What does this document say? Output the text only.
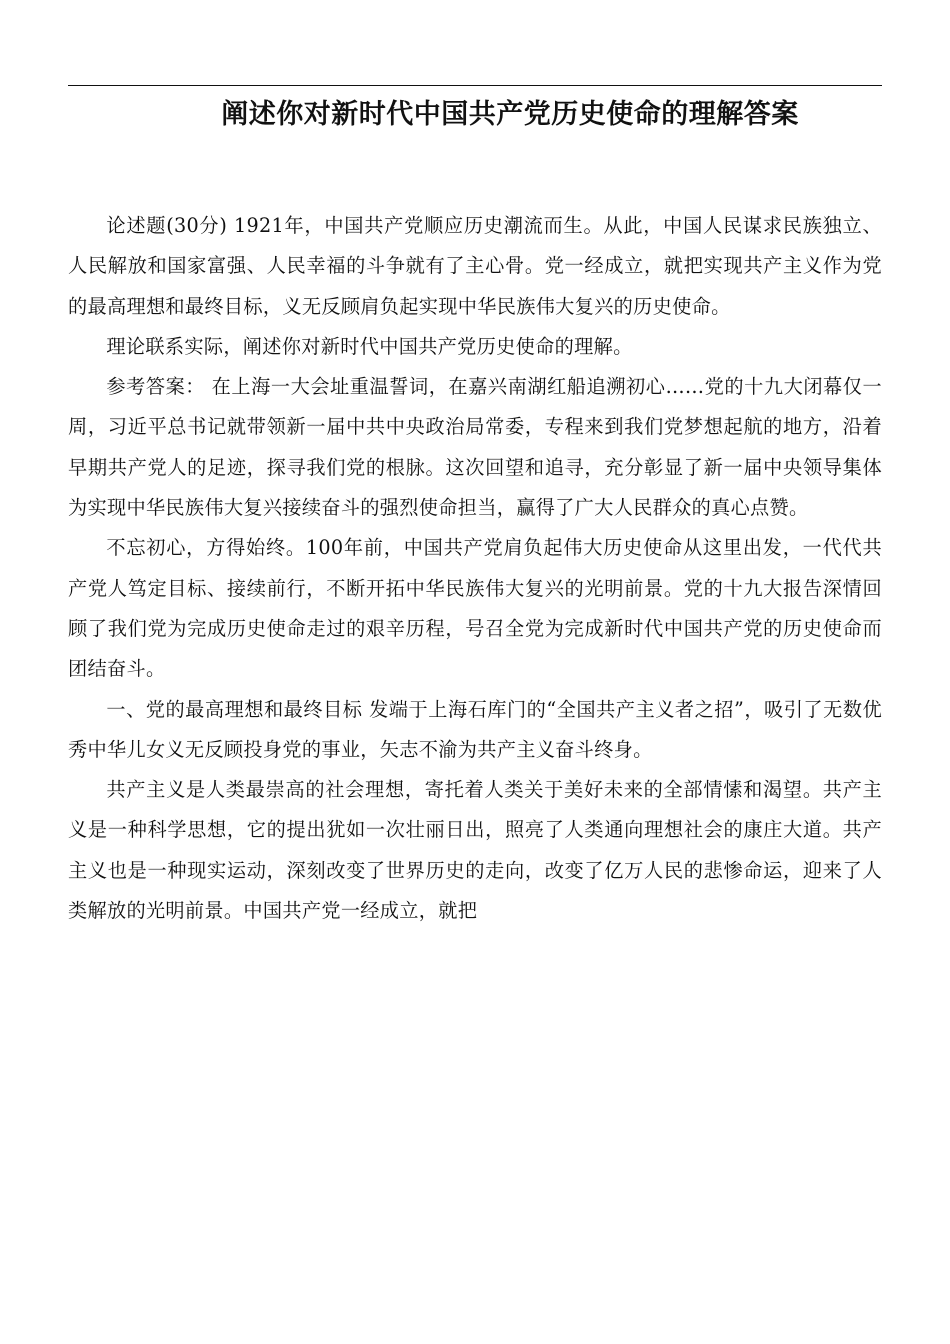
阐述你对新时代中国共产党历史使命的理解答案

论述题(30分) 1921年，中国共产党顺应历史潮流而生。从此，中国人民谋求民族独立、人民解放和国家富强、人民幸福的斗争就有了主心骨。党一经成立，就把实现共产主义作为党的最高理想和最终目标，义无反顾肩负起实现中华民族伟大复兴的历史使命。

理论联系实际，阐述你对新时代中国共产党历史使命的理解。

参考答案： 在上海一大会址重温誓词，在嘉兴南湖红船追溯初心……党的十九大闭幕仅一周，习近平总书记就带领新一届中共中央政治局常委，专程来到我们党梦想起航的地方，沿着早期共产党人的足迹，探寻我们党的根脉。这次回望和追寻，充分彰显了新一届中央领导集体为实现中华民族伟大复兴接续奋斗的强烈使命担当，赢得了广大人民群众的真心点赞。

不忘初心，方得始终。100年前，中国共产党肩负起伟大历史使命从这里出发，一代代共产党人笃定目标、接续前行，不断开拓中华民族伟大复兴的光明前景。党的十九大报告深情回顾了我们党为完成历史使命走过的艰辛历程，号召全党为完成新时代中国共产党的历史使命而团结奋斗。

一、党的最高理想和最终目标 发端于上海石库门的“全国共产主义者之招”，吸引了无数优秀中华儿女义无反顾投身党的事业，矢志不渝为共产主义奋斗终身。

共产主义是人类最崇高的社会理想，寄托着人类关于美好未来的全部情愫和渴望。共产主义是一种科学思想，它的提出犹如一次壮丽日出，照亮了人类通向理想社会的康庄大道。共产主义也是一种现实运动，深刻改变了世界历史的走向，改变了亿万人民的悲惨命运，迎来了人类解放的光明前景。中国共产党一经成立，就把
